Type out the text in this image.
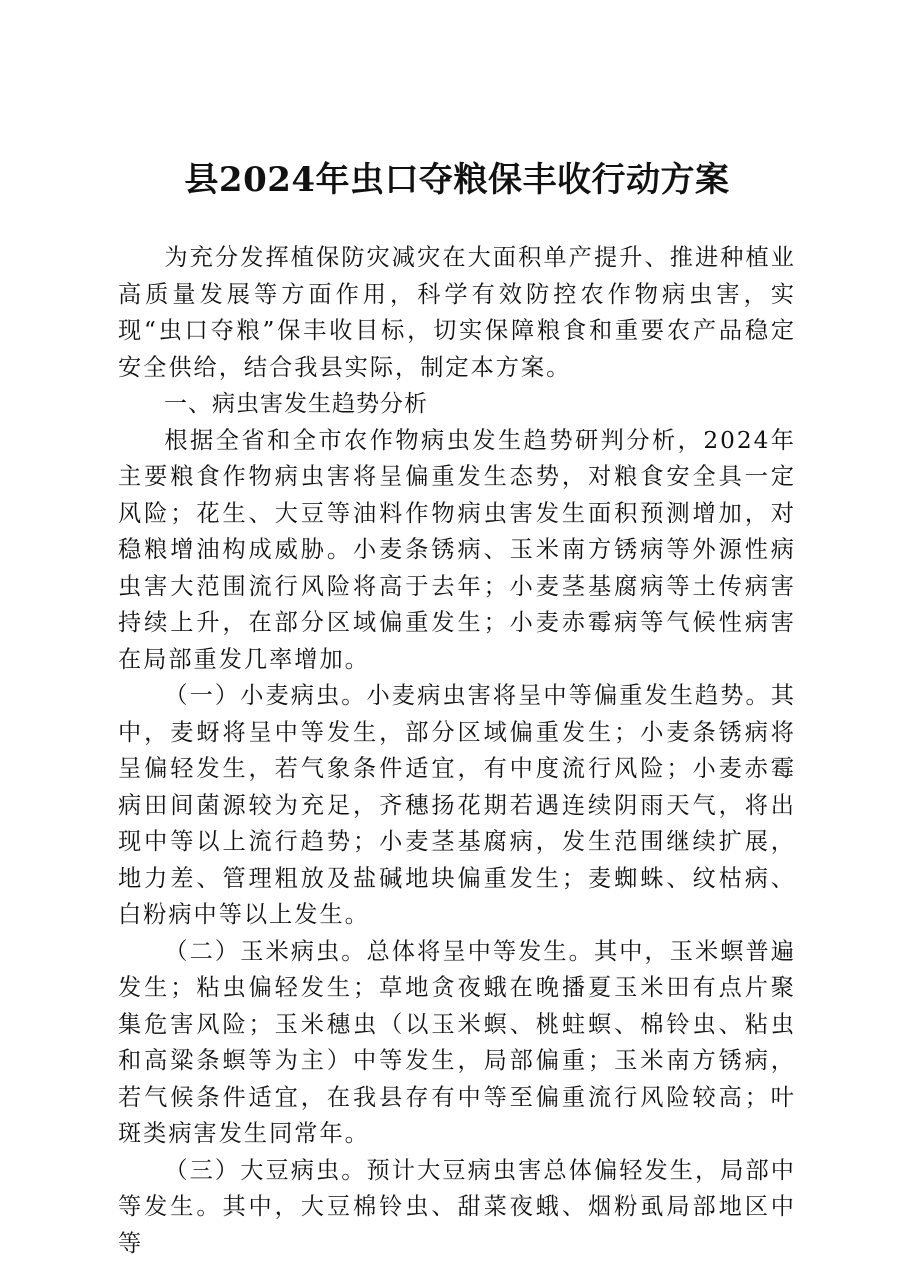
县2024年虫口夺粮保丰收行动方案

为充分发挥植保防灾减灾在大面积单产提升、推进种植业高质量发展等方面作用，科学有效防控农作物病虫害，实现“虫口夺粮”保丰收目标，切实保障粮食和重要农产品稳定安全供给，结合我县实际，制定本方案。

一、病虫害发生趋势分析

根据全省和全市农作物病虫发生趋势研判分析，2024年主要粮食作物病虫害将呈偏重发生态势，对粮食安全具一定风险；花生、大豆等油料作物病虫害发生面积预测增加，对稳粮增油构成威胁。小麦条锈病、玉米南方锈病等外源性病虫害大范围流行风险将高于去年；小麦茎基腐病等土传病害持续上升，在部分区域偏重发生；小麦赤霉病等气候性病害在局部重发几率增加。

（一）小麦病虫。小麦病虫害将呈中等偏重发生趋势。其中，麦蚜将呈中等发生，部分区域偏重发生；小麦条锈病将呈偏轻发生，若气象条件适宜，有中度流行风险；小麦赤霉病田间菌源较为充足，齐穗扬花期若遇连续阴雨天气，将出现中等以上流行趋势；小麦茎基腐病，发生范围继续扩展，地力差、管理粗放及盐碱地块偏重发生；麦蜘蛛、纹枯病、白粉病中等以上发生。

（二）玉米病虫。总体将呈中等发生。其中，玉米螟普遍发生；粘虫偏轻发生；草地贪夜蛾在晚播夏玉米田有点片聚集危害风险；玉米穗虫（以玉米螟、桃蛀螟、棉铃虫、粘虫和高粱条螟等为主）中等发生，局部偏重；玉米南方锈病，若气候条件适宜，在我县存有中等至偏重流行风险较高；叶斑类病害发生同常年。

（三）大豆病虫。预计大豆病虫害总体偏轻发生，局部中等发生。其中，大豆棉铃虫、甜菜夜蛾、烟粉虱局部地区中等
